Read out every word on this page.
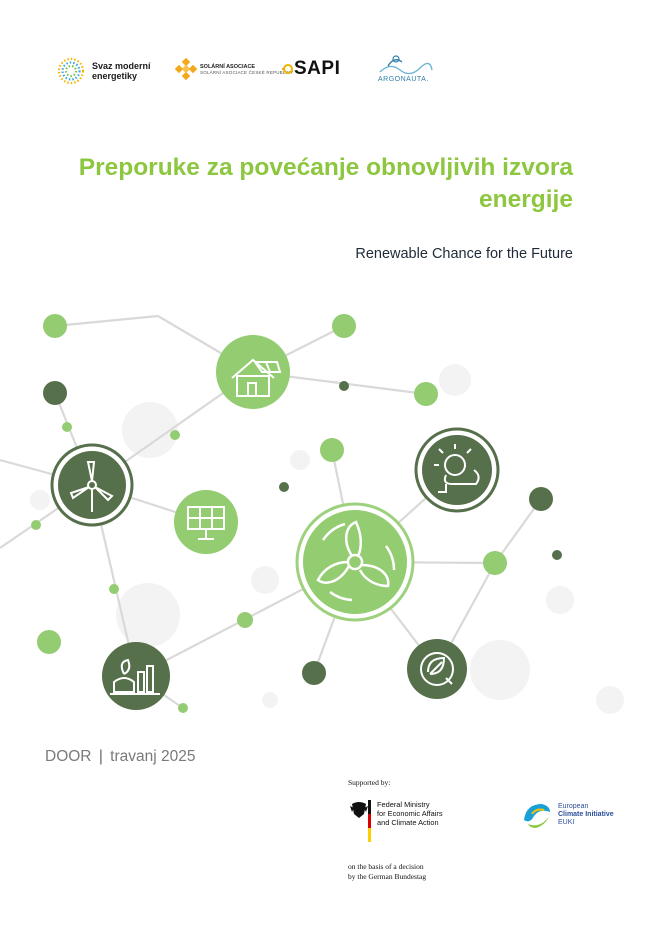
Svaz moderní
energetiky
SOLÁRNÍ ASOCIACE
SOLÁRNÍ ASOCIACE ČESKÉ REPUBLIKY SAPI
ARGONAUTA.
Preporuke za povećanje obnovljivih izvora energije

Renewable Chance for the Future

DOOR | travanj 2025
Supported by:
Federal Ministry
for Economic Affairs
and Climate Action
on the basis of a decision
by the German Bundestag
European
Climate Initiative
EUKI
